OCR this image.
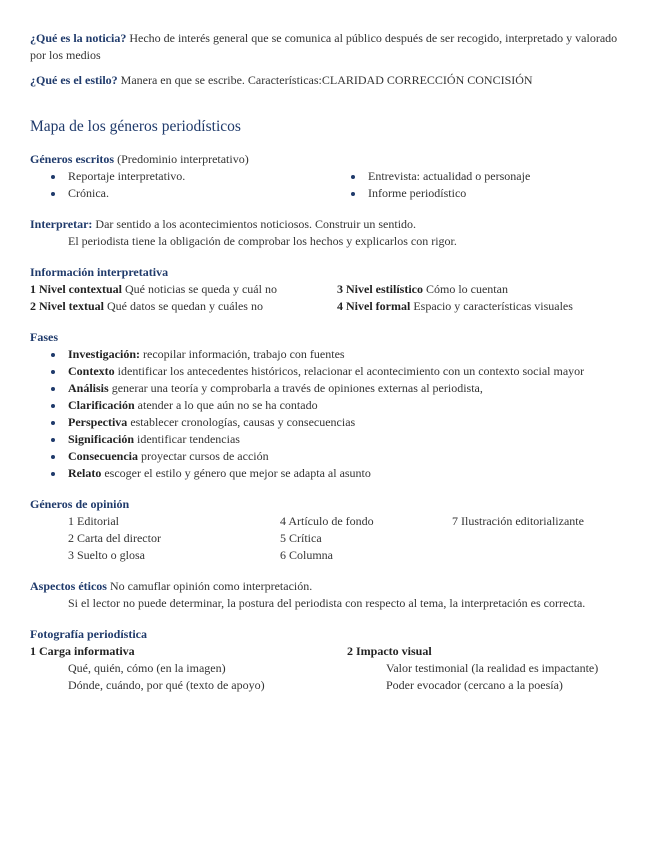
¿Qué es la noticia? Hecho de interés general que se comunica al público después de ser recogido, interpretado y valorado por los medios

¿Qué es el estilo? Manera en que se escribe. Características:CLARIDAD CORRECCIÓN CONCISIÓN

Mapa de los géneros periodísticos

Géneros escritos (Predominio interpretativo)

Reportaje interpretativo.
Crónica.
Entrevista: actualidad o personaje
Informe periodístico

Interpretar: Dar sentido a los acontecimientos noticiosos. Construir un sentido.

El periodista tiene la obligación de comprobar los hechos y explicarlos con rigor.

Información interpretativa

1 Nivel contextual Qué noticias se queda y cuál no	3 Nivel estilístico Cómo lo cuentan
2 Nivel textual Qué datos se quedan y cuáles no	4 Nivel formal Espacio y características visuales

Fases

Investigación: recopilar información, trabajo con fuentes
Contexto identificar los antecedentes históricos, relacionar el acontecimiento con un contexto social mayor
Análisis generar una teoría y comprobarla a través de opiniones externas al periodista,
Clarificación atender a lo que aún no se ha contado
Perspectiva establecer cronologías, causas y consecuencias
Significación identificar tendencias
Consecuencia proyectar cursos de acción
Relato escoger el estilo y género que mejor se adapta al asunto

Géneros de opinión

1 Editorial	4 Artículo de fondo	7 Ilustración editorializante
2 Carta del director	5 Crítica
3 Suelto o glosa	6 Columna

Aspectos éticos No camuflar opinión como interpretación.

Si el lector no puede determinar, la postura del periodista con respecto al tema, la interpretación es correcta.

Fotografía periodística

1 Carga informativa	2 Impacto visual
Qué, quién, cómo (en la imagen)	Valor testimonial (la realidad es impactante)
Dónde, cuándo, por qué (texto de apoyo)	Poder evocador (cercano a la poesía)
